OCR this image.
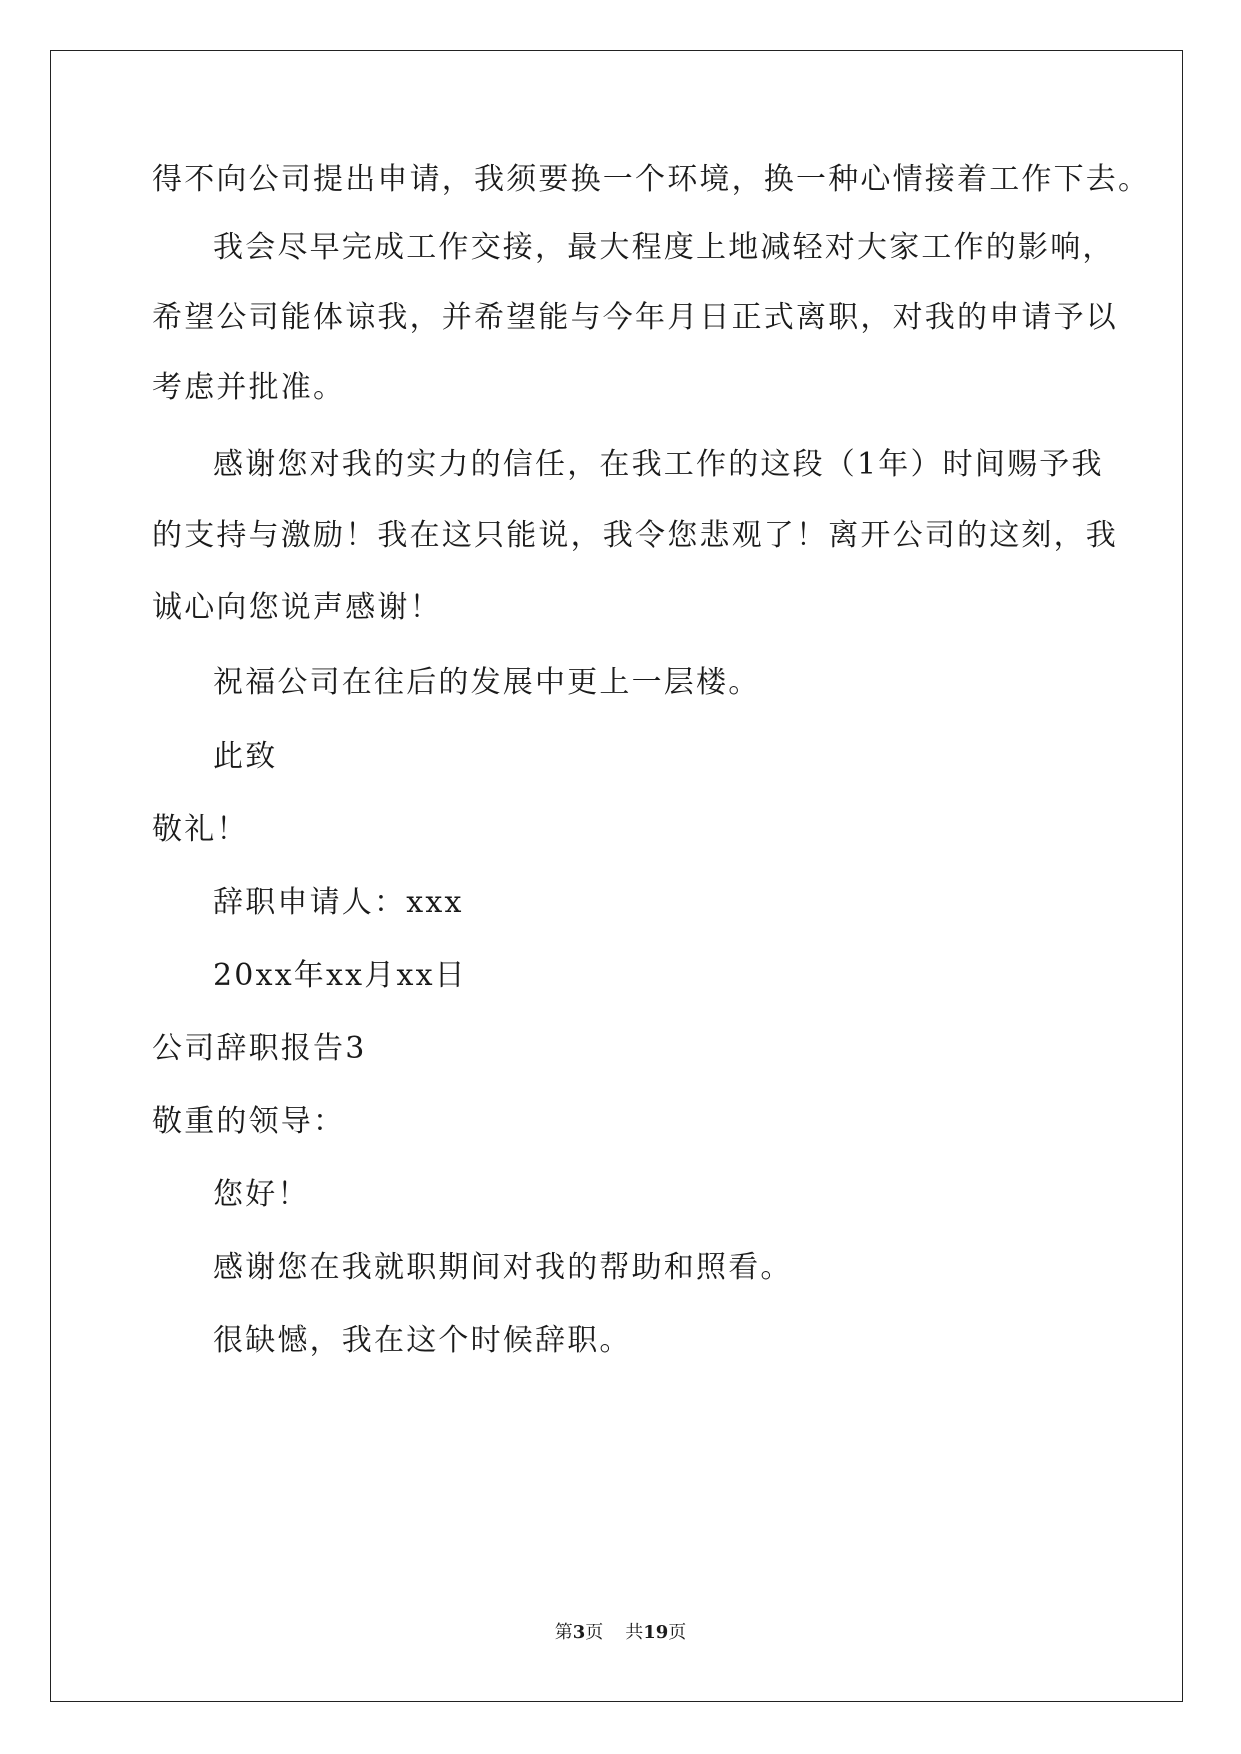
得不向公司提出申请，我须要换一个环境，换一种心情接着工作下去。
我会尽早完成工作交接，最大程度上地减轻对大家工作的影响，
希望公司能体谅我，并希望能与今年月日正式离职，对我的申请予以
考虑并批准。
感谢您对我的实力的信任，在我工作的这段（1年）时间赐予我
的支持与激励！我在这只能说，我令您悲观了！离开公司的这刻，我
诚心向您说声感谢！
祝福公司在往后的发展中更上一层楼。
此致
敬礼！
辞职申请人：xxx
20xx年xx月xx日
公司辞职报告3
敬重的领导：
您好！
感谢您在我就职期间对我的帮助和照看。
很缺憾，我在这个时候辞职。
第3页 共19页
